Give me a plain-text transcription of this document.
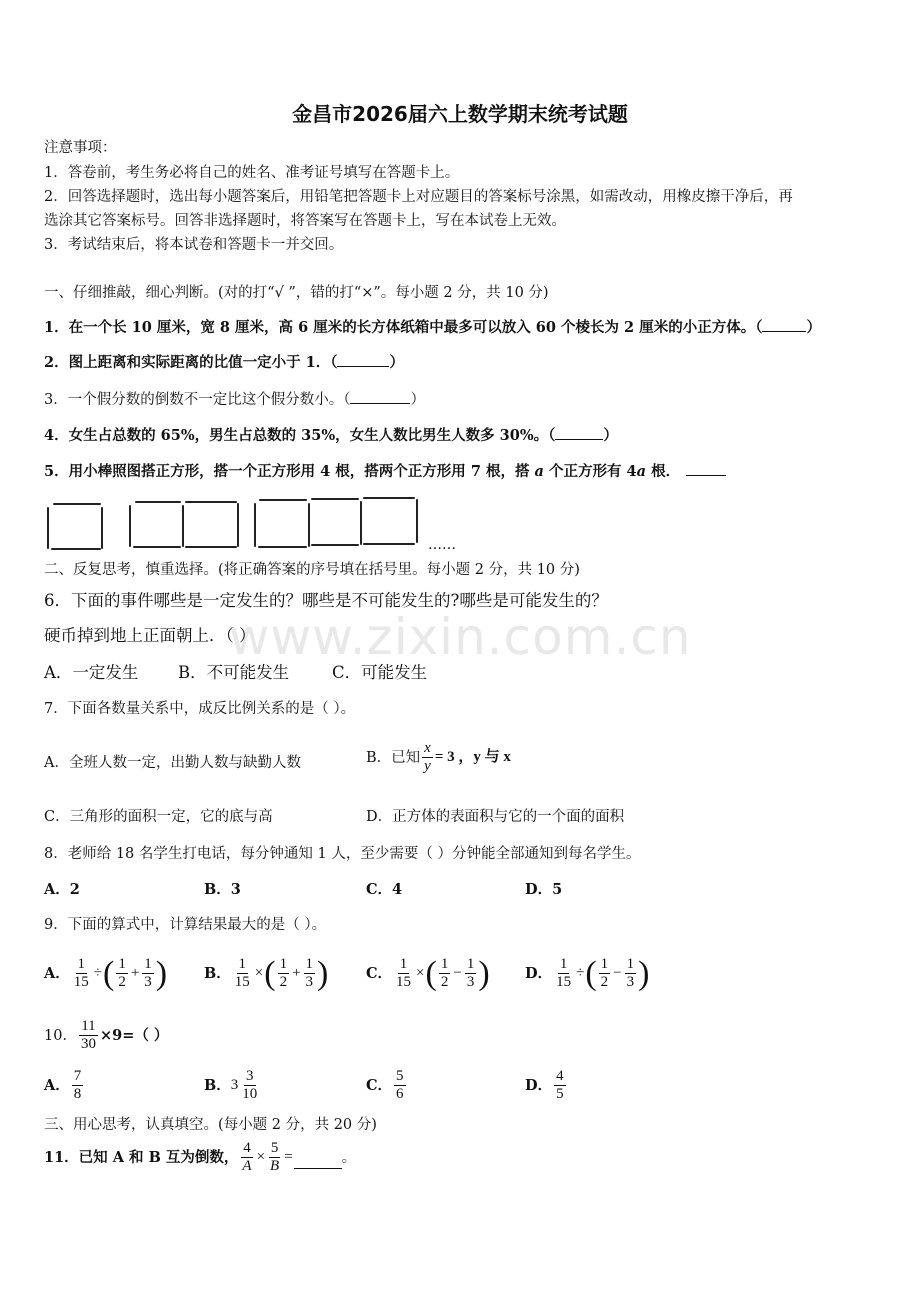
www.zixin.com.cn
金昌市2026届六上数学期末统考试题
注意事项：
1．答卷前，考生务必将自己的姓名、准考证号填写在答题卡上。
2．回答选择题时，选出每小题答案后，用铅笔把答题卡上对应题目的答案标号涂黑，如需改动，用橡皮擦干净后，再
选涂其它答案标号。回答非选择题时，将答案写在答题卡上，写在本试卷上无效。
3．考试结束后，将本试卷和答题卡一并交回。
一、仔细推敲，细心判断。(对的打“√ ”，错的打“×”。每小题 2 分，共 10 分)
1．在一个长 10 厘米，宽 8 厘米，高 6 厘米的长方体纸箱中最多可以放入 60 个棱长为 2 厘米的小正方体。（	）
2．图上距离和实际距离的比值一定小于 1．（	）
3．一个假分数的倒数不一定比这个假分数小。（	）
4．女生占总数的 65%，男生占总数的 35%，女生人数比男生人数多 30%。（	）
5．用小棒照图搭正方形，搭一个正方形用 4 根，搭两个正方形用 7 根，搭 a 个正方形有 4a 根．
……
二、反复思考，慎重选择。(将正确答案的序号填在括号里。每小题 2 分，共 10 分)
6．下面的事件哪些是一定发生的？哪些是不可能发生的?哪些是可能发生的？
硬币掉到地上正面朝上．（ ）
A．一定发生 B．不可能发生	C．可能发生
7．下面各数量关系中，成反比例关系的是（ ）。
A．全班人数一定，出勤人数与缺勤人数	B．已知 $\frac{x}{y} = 3$ ，y 与 x
C．三角形的面积一定，它的底与高	D．正方体的表面积与它的一个面的面积
8．老师给 18 名学生打电话，每分钟通知 1 人，至少需要（ ）分钟能全部通知到每名学生。
A．2	B．3	C．4	D．5
9．下面的算式中，计算结果最大的是（ ）。
A． $\frac{1}{15}$ ÷ ( $\frac{1}{2} + \frac{1}{3}$ )	B． $\frac{1}{15}$ × ( $\frac{1}{2} + \frac{1}{3}$ )	C． $\frac{1}{15}$ × ( $\frac{1}{2} - \frac{1}{3}$ ) D． $\frac{1}{15}$ ÷ ( $\frac{1}{2} - \frac{1}{3}$ )
10． $\frac{11}{30} \times 9=$（ ）
A． $\frac{7}{8}$	B． $3 \frac{3}{10}$	C． $\frac{5}{6}$	D． $\frac{4}{5}$
三、用心思考，认真填空。(每小题 2 分，共 20 分)
11．已知 A 和 B 互为倒数， $\frac{4}{A} \times \frac{5}{B}$ =	。
